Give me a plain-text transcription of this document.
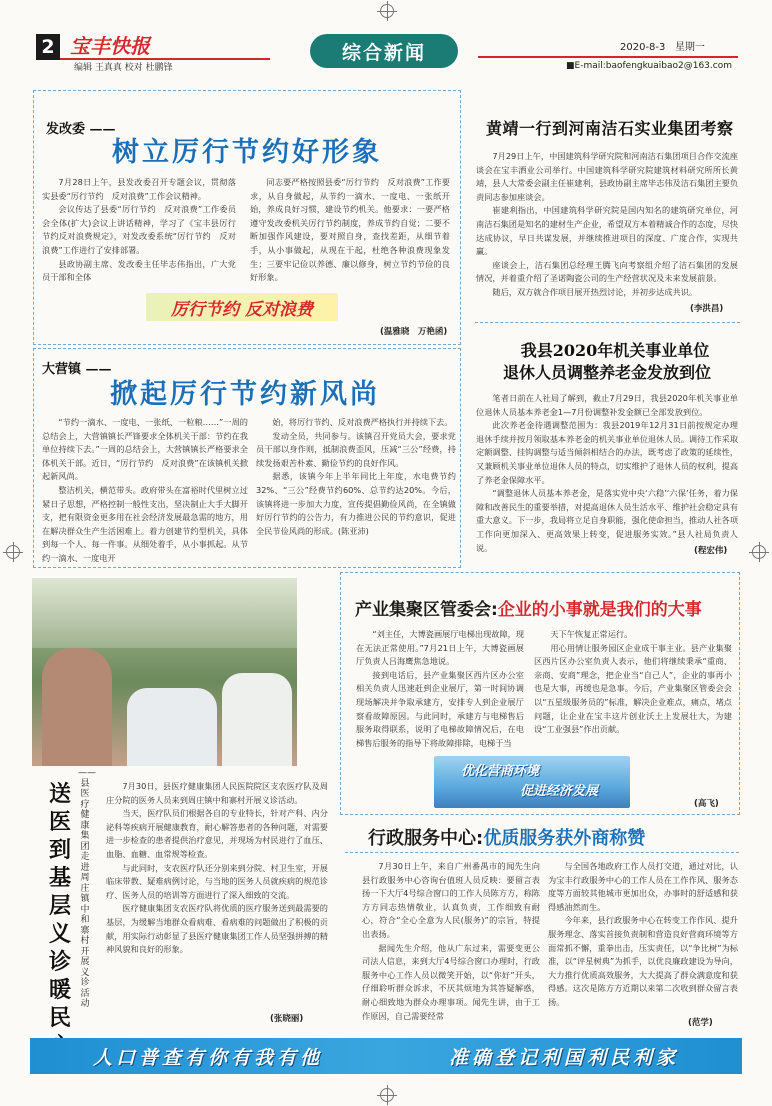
2 宝丰快报
编辑 王真真 校对 杜鹏锋
综合新闻	2020-8-3 星期一
■E-mail:baofengkuaibao2@163.com
发改委 ——
树立厉行节约好形象

7月28日上午，县发改委召开专题会议，贯彻落实县委“厉行节约　反对浪费”工作会议精神。

会议传达了县委“厉行节约　反对浪费”工作委员会全体(扩大)会议上讲话精神，学习了《宝丰县厉行节约反对浪费规定》，对发改委系统“厉行节约　反对浪费”工作进行了安排部署。

县政协副主席、发改委主任毕志伟指出，广大党员干部和全体

同志要严格按照县委“厉行节约　反对浪费”工作要求，从自身做起，从节约一滴水、一度电、一张纸开始，养成良好习惯，建设节约机关。他要求：一要严格遵守发改委机关厉行节约制度，养成节约自觉；二要不断加强作风建设，要对照自身，查找差距，从细节着手，从小事做起，从现在干起，杜绝各种浪费现象发生；三要牢记俭以养德、廉以修身，树立节约节俭的良好形象。

厉行节约 反对浪费
(温雅晓　万艳函)
大营镇 ——
掀起厉行节约新风尚

“节约一滴水、一度电、一张纸、一粒粮……”一周的总结会上，大营镇镇长严锋要求全体机关干部：节约在我单位持续下去。”一周的总结会上，大营镇镇长严格要求全体机关干部。近日，“厉行节约　反对浪费”在该镇机关掀起新风尚。

整洁机关，横范带头。政府带头在富裕时代里树立过紧日子思想，严格控制一般性支出，坚决制止大手大脚开支，把有限资金更多用在社会经济发展最急需的地方，用在解决群众生产生活困难上。着力创建节约型机关，具体到每一个人、每一件事。从细处着手，从小事抓起。从节约一滴水、一度电开

始，将厉行节约、反对浪费严格执行并持续下去。

发动全员，共同参与。该镇召开党员大会，要求党员干部以身作则，抵制浪费歪风，压减“三公”经费，持续发扬艰苦朴素、勤俭节约的良好作风。

据悉，该镇今年上半年同比上年度，水电费节约32%、“三公”经费节约60%、总节约达20%。今后，该镇将进一步加大力度，宣传提倡勤俭风尚，在全镇做好厉行节约的公告力，有力推进公民的节约意识，促进全民节俭风尚的形成。(陈亚沛)

黄靖一行到河南洁石实业集团考察

7月29日上午，中国建筑科学研究院和河南洁石集团项目合作交流座谈会在宝丰洒业公司举行。中国建筑科学研究院建筑材料研究所所长黄靖，县人大常委会副主任崔建利，县政协副主席毕志伟及洁石集团主要负责同志参加座谈会。

崔建利指出，中国建筑科学研究院是国内知名的建筑研究单位，河南洁石集团是知名的建材生产企业，希望双方本着精诚合作的态度，尽快达成协议，早日共谋发展，并继续推进项目的深度、广度合作，实现共赢。

座谈会上，洁石集团总经理王腾飞向考察组介绍了洁石集团的发展情况，并着重介绍了圣诺陶瓷公司的生产经营状况及未来发展前景。

随后，双方就合作项目展开热烈讨论，并初步达成共识。

(李洪昌)
我县2020年机关事业单位
退休人员调整养老金发放到位

笔者日前在人社局了解到，截止7月29日，我县2020年机关事业单位退休人员基本养老金1—7月份调整补发金额已全部发放到位。

此次养老金待遇调整范围为：我县2019年12月31日前按规定办理退休手续并按月领取基本养老金的机关事业单位退休人员。调待工作采取定额调整、挂钩调整与适当倾斜相结合的办法，既考虑了政策的延续性，又兼顾机关事业单位退休人员的特点，切实维护了退休人员的权利，提高了养老金保障水平。

“调整退休人员基本养老金，是落实党中央‘六稳’‘六保’任务，着力保障和改善民生的重要举措，对提高退休人员生活水平、维护社会稳定具有重大意义。下一步，我局将立足自身职能，强化使命担当，推动人社各项工作向更加深入、更高效果上转变，促进服务实效。”县人社局负责人说。	(程宏伟)
送医到基层 义诊暖民
——县医疗健康集团走进周庄镇中和寨村开展义诊活动

7月30日，县医疗健康集团人民医院院区支农医疗队及周庄分院的医务人员来到周庄镇中和寨村开展义诊活动。

当天，医疗队员们根据各自的专业特长，针对产科、内分泌科等疾病开展健康教育，耐心解答患者的各种问题，对需要进一步检查的患者提供治疗意见，并现场为村民进行了血压、血脂、血糖、血常规等检查。

与此同时，支农医疗队还分别来到分院、村卫生室，开展临床带教、疑难病例讨论，与当地的医务人员就疾病的规范诊疗、医务人员的培训等方面进行了深入细致的交流。

医疗健康集团支农医疗队将优质的医疗服务送到最需要的基层，为缓解当地群众看病难、看病难的问题做出了积极的贡献，用实际行动彰显了县医疗健康集团工作人员坚强拼搏的精神风貌和良好的形象。

(张晓丽)
产业集聚区管委会:企业的小事就是我们的大事

“刘主任，大博瓷画展厅电梯出现故障，现在无法正常使用。”7月21日上午，大博瓷画展厅负责人吕海鹰焦急地说。

接到电话后，县产业集聚区西片区办公室相关负责人迅速赶到企业展厅，第一时间协调现场解决并争取承建方，安排专人到企业展厅察看故障原因。与此同时，承建方与电梯售后服务取得联系，说明了电梯故障情况后，在电梯售后服务的指导下将故障排除，电梯于当

天下午恢复正常运行。

用心用情让服务园区企业成干事主业。县产业集聚区西片区办公室负责人表示，他们将继续秉承“重商、亲商、安商”理念，把企业当“自己人”，企业的事再小也是大事，再缓也是急事。今后，产业集聚区管委会会以“五星级服务员的”标准，解决企业难点，痛点，堵点问题，让企业在宝丰这片创业沃土上发展壮大，为建设“工业强县”作出贡献。

优化营商环境
促进经济发展
(高飞)
行政服务中心:优质服务获外商称赞

7月30日上午，来自广州番禺市的闻先生向县行政服务中心咨询台值班人员反映：要留言表扬一下大厅4号综合窗口的工作人员陈方方，称陈方方同志热情敬业，认真负责，工作细致有耐心，符合“全心全意为人民(服务)”的宗旨，特提出表扬。

据闻先生介绍，他从广东过来，需要变更公司法人信息，来到大厅4号综合窗口办理时，行政服务中心工作人员以微笑开始，以“你好”开头，仔细聆听群众诉求，不厌其烦地为其答疑解惑，耐心细致地为群众办理事项。闻先生讲，由于工作原因，自己需要经常

与全国各地政府工作人员打交道，通过对比，认为宝丰行政服务中心的工作人员在工作作风、服务态度等方面较其他城市更加出众，办事时的舒适感和获得感油然而生。

今年来，县行政服务中心在转变工作作风、提升服务理念、落实首接负责制和营造良好营商环境等方面常抓不懈，重拳出击，压实责任，以“争比树”为标准，以“评星树典”为抓手，以优良廉政建设为导向，大力推行优质高效服务，大大提高了群众满意度和获得感。这次是陈方方近期以来第二次收到群众留言表扬。

(范学)
人口普查有你有我有他	准确登记利国利民利家
